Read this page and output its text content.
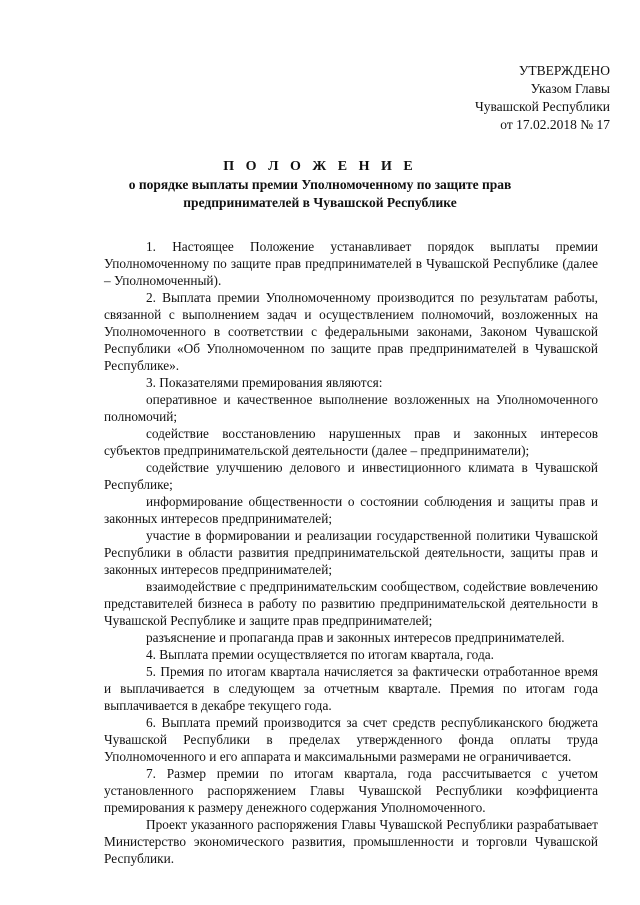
УТВЕРЖДЕНО
Указом Главы
Чувашской Республики
от 17.02.2018 № 17
П О Л О Ж Е Н И Е
о порядке выплаты премии Уполномоченному по защите прав
предпринимателей в Чувашской Республике

1. Настоящее Положение устанавливает порядок выплаты премии Уполномоченному по защите прав предпринимателей в Чувашской Республике (далее – Уполномоченный).

2. Выплата премии Уполномоченному производится по результатам работы, связанной с выполнением задач и осуществлением полномочий, возложенных на Уполномоченного в соответствии с федеральными законами, Законом Чувашской Республики «Об Уполномоченном по защите прав предпринимателей в Чувашской Республике».

3. Показателями премирования являются:

оперативное и качественное выполнение возложенных на Уполномоченного полномочий;

содействие восстановлению нарушенных прав и законных интересов субъектов предпринимательской деятельности (далее – предприниматели);

содействие улучшению делового и инвестиционного климата в Чувашской Республике;

информирование общественности о состоянии соблюдения и защиты прав и законных интересов предпринимателей;

участие в формировании и реализации государственной политики Чувашской Республики в области развития предпринимательской деятельности, защиты прав и законных интересов предпринимателей;

взаимодействие с предпринимательским сообществом, содействие вовлечению представителей бизнеса в работу по развитию предпринимательской деятельности в Чувашской Республике и защите прав предпринимателей;

разъяснение и пропаганда прав и законных интересов предпринимателей.

4. Выплата премии осуществляется по итогам квартала, года.

5. Премия по итогам квартала начисляется за фактически отработанное время и выплачивается в следующем за отчетным квартале. Премия по итогам года выплачивается в декабре текущего года.

6. Выплата премий производится за счет средств республиканского бюджета Чувашской Республики в пределах утвержденного фонда оплаты труда Уполномоченного и его аппарата и максимальными размерами не ограничивается.

7. Размер премии по итогам квартала, года рассчитывается с учетом установленного распоряжением Главы Чувашской Республики коэффициента премирования к размеру денежного содержания Уполномоченного.

Проект указанного распоряжения Главы Чувашской Республики разрабатывает Министерство экономического развития, промышленности и торговли Чувашской Республики.
